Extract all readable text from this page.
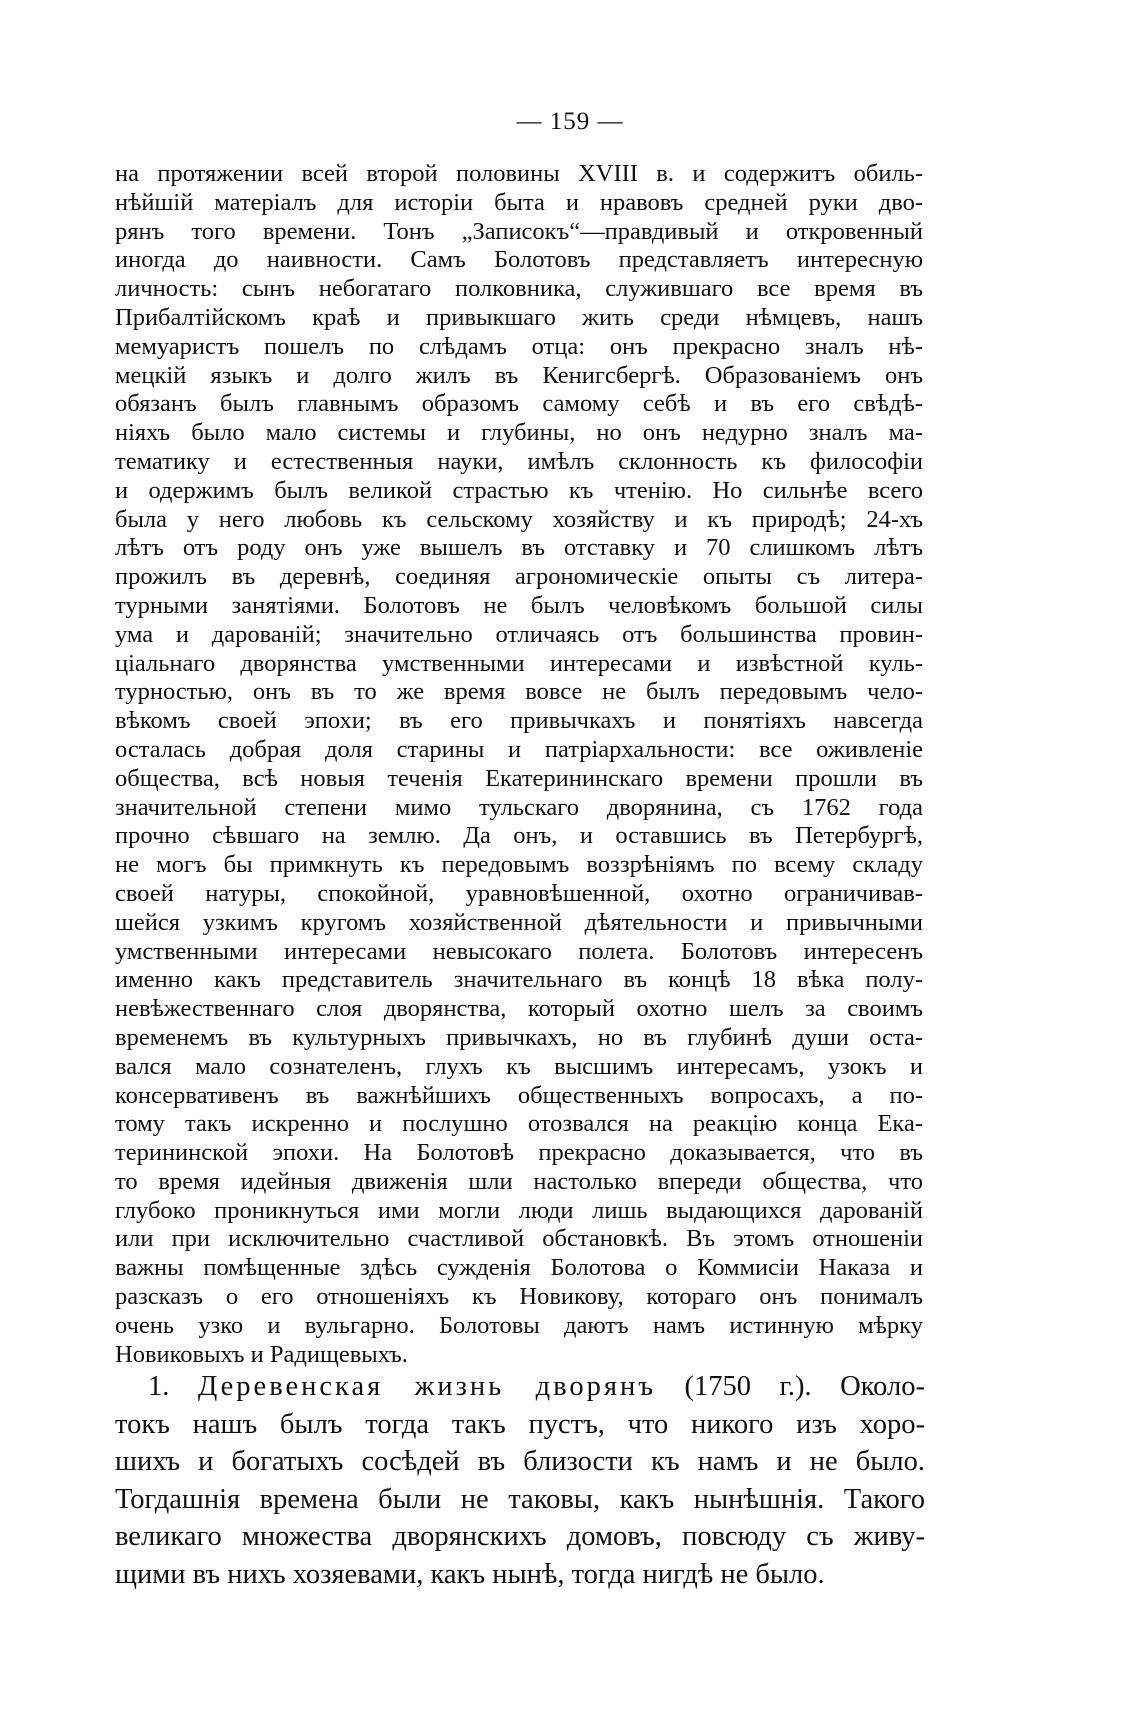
— 159 —
на протяжении всей второй половины XVIII в. и содержитъ обиль-
нѣйшій матеріалъ для исторіи быта и нравовъ средней руки дво-
рянъ того времени. Тонъ „Записокъ“—правдивый и откровенный
иногда до наивности. Самъ Болотовъ представляетъ интересную
личность: сынъ небогатаго полковника, служившаго все время въ
Прибалтійскомъ краѣ и привыкшаго жить среди нѣмцевъ, нашъ
мемуаристъ пошелъ по слѣдамъ отца: онъ прекрасно зналъ нѣ-
мецкій языкъ и долго жилъ въ Кенигсбергѣ. Образованіемъ онъ
обязанъ былъ главнымъ образомъ самому себѣ и въ его свѣдѣ-
ніяхъ было мало системы и глубины, но онъ недурно зналъ ма-
тематику и естественныя науки, имѣлъ склонность къ философіи
и одержимъ былъ великой страстью къ чтенію. Но сильнѣе всего
была у него любовь къ сельскому хозяйству и къ природѣ; 24-хъ
лѣтъ отъ роду онъ уже вышелъ въ отставку и 70 слишкомъ лѣтъ
прожилъ въ деревнѣ, соединяя агрономическіе опыты съ литера-
турными занятіями. Болотовъ не былъ человѣкомъ большой силы
ума и дарованій; значительно отличаясь отъ большинства провин-
ціальнаго дворянства умственными интересами и извѣстной куль-
турностью, онъ въ то же время вовсе не былъ передовымъ чело-
вѣкомъ своей эпохи; въ его привычкахъ и понятіяхъ навсегда
осталась добрая доля старины и патріархальности: все оживленіе
общества, всѣ новыя теченія Екатерининскаго времени прошли въ
значительной степени мимо тульскаго дворянина, съ 1762 года
прочно сѣвшаго на землю. Да онъ, и оставшись въ Петербургѣ,
не могъ бы примкнуть къ передовымъ воззрѣніямъ по всему складу
своей натуры, спокойной, уравновѣшенной, охотно ограничивав-
шейся узкимъ кругомъ хозяйственной дѣятельности и привычными
умственными интересами невысокаго полета. Болотовъ интересенъ
именно какъ представитель значительнаго въ концѣ 18 вѣка полу-
невѣжественнаго слоя дворянства, который охотно шелъ за своимъ
временемъ въ культурныхъ привычкахъ, но въ глубинѣ души оста-
вался мало сознателенъ, глухъ къ высшимъ интересамъ, узокъ и
консервативенъ въ важнѣйшихъ общественныхъ вопросахъ, а по-
тому такъ искренно и послушно отозвался на реакцію конца Ека-
терининской эпохи. На Болотовѣ прекрасно доказывается, что въ
то время идейныя движенія шли настолько впереди общества, что
глубоко проникнуться ими могли люди лишь выдающихся дарованій
или при исключительно счастливой обстановкѣ. Въ этомъ отношеніи
важны помѣщенные здѣсь сужденія Болотова о Коммисіи Наказа и
разсказъ о его отношеніяхъ къ Новикову, котораго онъ понималъ
очень узко и вульгарно. Болотовы даютъ намъ истинную мѣрку
Новиковыхъ и Радищевыхъ.
1. Деревенская жизнь дворянъ (1750 г.). Около-
токъ нашъ былъ тогда такъ пустъ, что никого изъ хоро-
шихъ и богатыхъ сосѣдей въ близости къ намъ и не было.
Тогдашнія времена были не таковы, какъ нынѣшнія. Такого
великаго множества дворянскихъ домовъ, повсюду съ живу-
щими въ нихъ хозяевами, какъ нынѣ, тогда нигдѣ не было.
